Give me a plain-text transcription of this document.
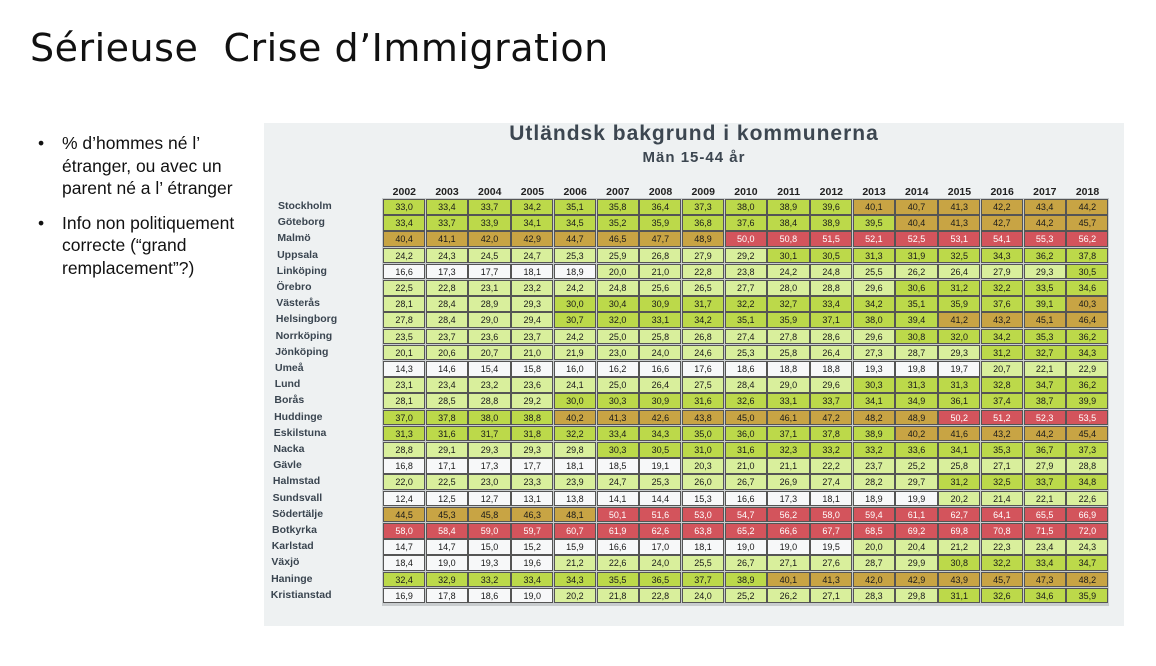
Sérieuse  Crise d’Immigration
• % d’hommes né l’ étranger, ou avec un parent né a l’ étranger
• Info non politiquement correcte (“grand remplacement”?)
Utländsk bakgrund i kommunerna
Män 15-44 år
2002	2003	2004	2005	2006	2007	2008	2009	2010	2011	2012	2013	2014	2015	2016	2017	2018
Stockholm	33,0	33,4	33,7	34,2	35,1	35,8	36,4	37,3	38,0	38,9	39,6	40,1	40,7	41,3	42,2	43,4	44,2
Göteborg	33,4	33,7	33,9	34,1	34,5	35,2	35,9	36,8	37,6	38,4	38,9	39,5	40,4	41,3	42,7	44,2	45,7
Malmö	40,4	41,1	42,0	42,9	44,7	46,5	47,7	48,9	50,0	50,8	51,5	52,1	52,5	53,1	54,1	55,3	56,2
Uppsala	24,2	24,3	24,5	24,7	25,3	25,9	26,8	27,9	29,2	30,1	30,5	31,3	31,9	32,5	34,3	36,2	37,8
Linköping	16,6	17,3	17,7	18,1	18,9	20,0	21,0	22,8	23,8	24,2	24,8	25,5	26,2	26,4	27,9	29,3	30,5
Örebro	22,5	22,8	23,1	23,2	24,2	24,8	25,6	26,5	27,7	28,0	28,8	29,6	30,6	31,2	32,2	33,5	34,6
Västerås	28,1	28,4	28,9	29,3	30,0	30,4	30,9	31,7	32,2	32,7	33,4	34,2	35,1	35,9	37,6	39,1	40,3
Helsingborg	27,8	28,4	29,0	29,4	30,7	32,0	33,1	34,2	35,1	35,9	37,1	38,0	39,4	41,2	43,2	45,1	46,4
Norrköping	23,5	23,7	23,6	23,7	24,2	25,0	25,8	26,8	27,4	27,8	28,6	29,6	30,8	32,0	34,2	35,3	36,2
Jönköping	20,1	20,6	20,7	21,0	21,9	23,0	24,0	24,6	25,3	25,8	26,4	27,3	28,7	29,3	31,2	32,7	34,3
Umeå	14,3	14,6	15,4	15,8	16,0	16,2	16,6	17,6	18,6	18,8	18,8	19,3	19,8	19,7	20,7	22,1	22,9
Lund	23,1	23,4	23,2	23,6	24,1	25,0	26,4	27,5	28,4	29,0	29,6	30,3	31,3	31,3	32,8	34,7	36,2
Borås	28,1	28,5	28,8	29,2	30,0	30,3	30,9	31,6	32,6	33,1	33,7	34,1	34,9	36,1	37,4	38,7	39,9
Huddinge	37,0	37,8	38,0	38,8	40,2	41,3	42,6	43,8	45,0	46,1	47,2	48,2	48,9	50,2	51,2	52,3	53,5
Eskilstuna	31,3	31,6	31,7	31,8	32,2	33,4	34,3	35,0	36,0	37,1	37,8	38,9	40,2	41,6	43,2	44,2	45,4
Nacka	28,8	29,1	29,3	29,3	29,8	30,3	30,5	31,0	31,6	32,3	33,2	33,2	33,6	34,1	35,3	36,7	37,3
Gävle	16,8	17,1	17,3	17,7	18,1	18,5	19,1	20,3	21,0	21,1	22,2	23,7	25,2	25,8	27,1	27,9	28,8
Halmstad	22,0	22,5	23,0	23,3	23,9	24,7	25,3	26,0	26,7	26,9	27,4	28,2	29,7	31,2	32,5	33,7	34,8
Sundsvall	12,4	12,5	12,7	13,1	13,8	14,1	14,4	15,3	16,6	17,3	18,1	18,9	19,9	20,2	21,4	22,1	22,6
Södertälje	44,5	45,3	45,8	46,3	48,1	50,1	51,6	53,0	54,7	56,2	58,0	59,4	61,1	62,7	64,1	65,5	66,9
Botkyrka	58,0	58,4	59,0	59,7	60,7	61,9	62,6	63,8	65,2	66,6	67,7	68,5	69,2	69,8	70,8	71,5	72,0
Karlstad	14,7	14,7	15,0	15,2	15,9	16,6	17,0	18,1	19,0	19,0	19,5	20,0	20,4	21,2	22,3	23,4	24,3
Växjö	18,4	19,0	19,3	19,6	21,2	22,6	24,0	25,5	26,7	27,1	27,6	28,7	29,9	30,8	32,2	33,4	34,7
Haninge	32,4	32,9	33,2	33,4	34,3	35,5	36,5	37,7	38,9	40,1	41,3	42,0	42,9	43,9	45,7	47,3	48,2
Kristianstad	16,9	17,8	18,6	19,0	20,2	21,8	22,8	24,0	25,2	26,2	27,1	28,3	29,8	31,1	32,6	34,6	35,9
